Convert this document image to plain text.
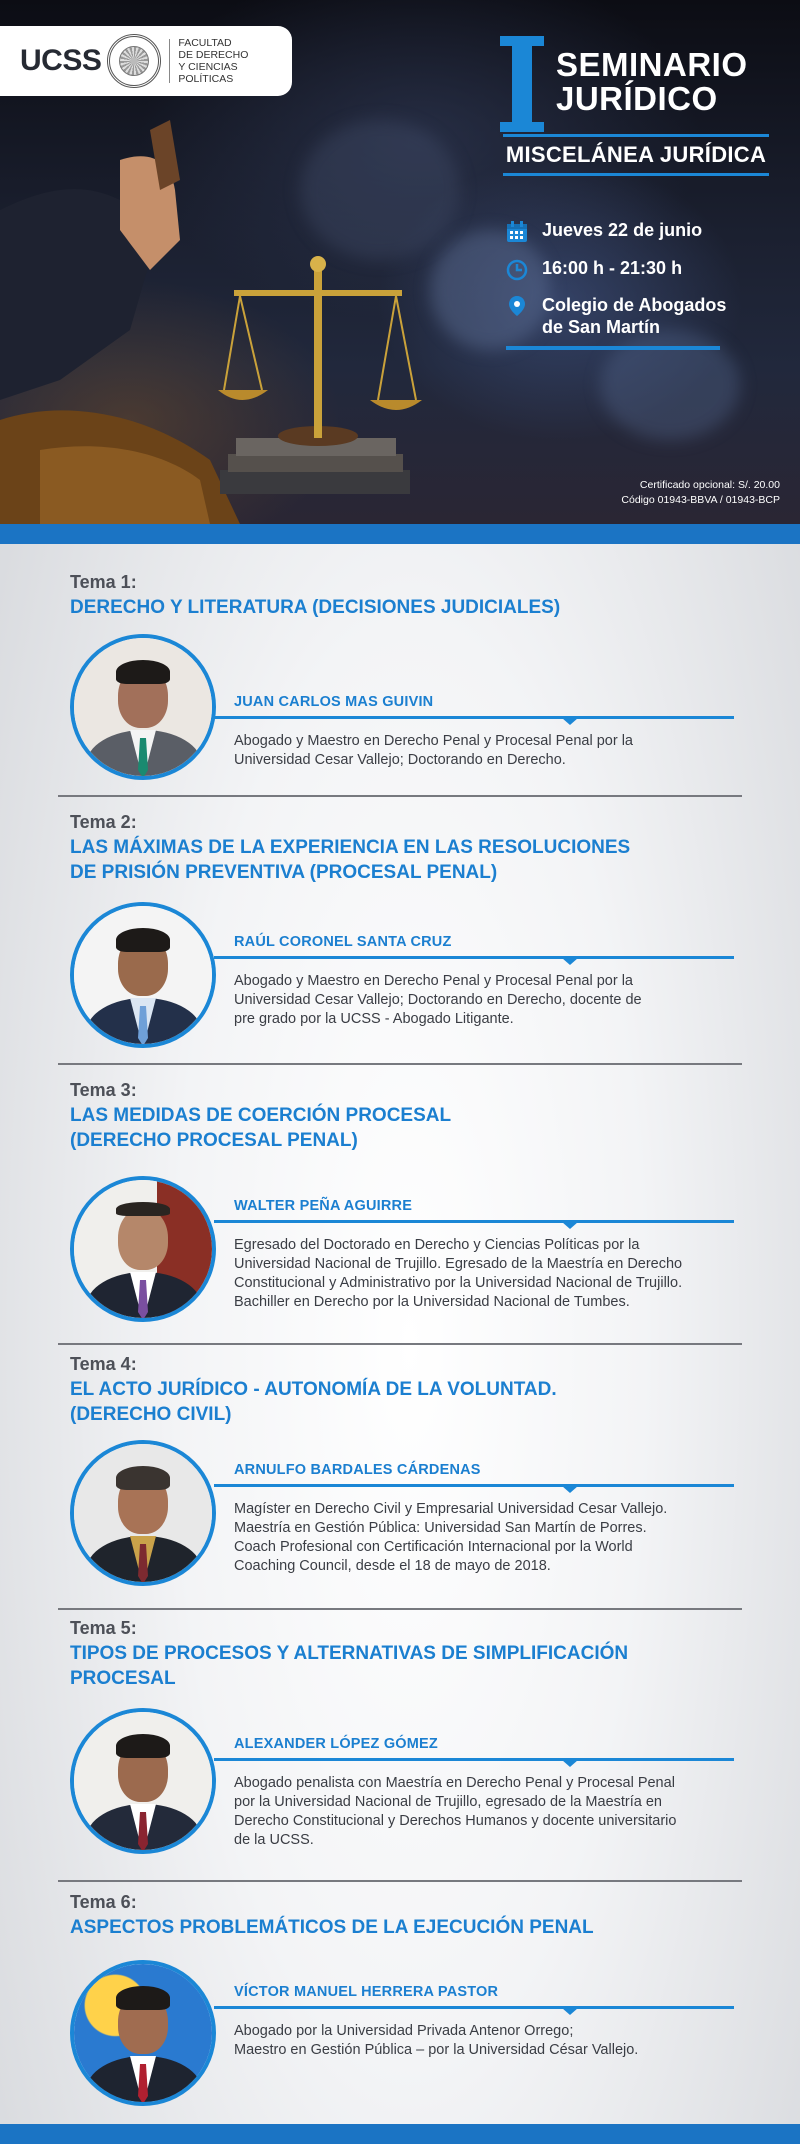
UCSS
FACULTAD
DE DERECHO
Y CIENCIAS POLÍTICAS
I
SEMINARIO
JURÍDICO
MISCELÁNEA JURÍDICA
Jueves 22 de junio
16:00 h - 21:30 h
Colegio de Abogados
de San Martín
Certificado opcional: S/. 20.00
Código 01943-BBVA / 01943-BCP
Tema 1:
DERECHO Y LITERATURA (DECISIONES JUDICIALES)
JUAN CARLOS MAS GUIVIN
Abogado y Maestro en Derecho Penal y Procesal Penal por la
Universidad Cesar Vallejo; Doctorando en Derecho.
Tema 2:
LAS MÁXIMAS DE LA EXPERIENCIA EN LAS RESOLUCIONES
DE PRISIÓN PREVENTIVA (PROCESAL PENAL)
RAÚL CORONEL SANTA CRUZ
Abogado y Maestro en Derecho Penal y Procesal Penal por la
Universidad Cesar Vallejo; Doctorando en Derecho, docente de
pre grado por la UCSS - Abogado Litigante.
Tema 3:
LAS MEDIDAS DE COERCIÓN PROCESAL
(DERECHO PROCESAL PENAL)
WALTER PEÑA AGUIRRE
Egresado del Doctorado en Derecho y Ciencias Políticas por la
Universidad Nacional de Trujillo. Egresado de la Maestría en Derecho
Constitucional y Administrativo por la Universidad Nacional de Trujillo.
Bachiller en Derecho por la Universidad Nacional de Tumbes.
Tema 4:
EL ACTO JURÍDICO - AUTONOMÍA DE LA VOLUNTAD.
(DERECHO CIVIL)
ARNULFO BARDALES CÁRDENAS
Magíster en Derecho Civil y Empresarial Universidad Cesar Vallejo.
Maestría en Gestión Pública: Universidad San Martín de Porres.
Coach Profesional con Certificación Internacional por la World
Coaching Council, desde el 18 de mayo de 2018.
Tema 5:
TIPOS DE PROCESOS Y ALTERNATIVAS DE SIMPLIFICACIÓN
PROCESAL
ALEXANDER LÓPEZ GÓMEZ
Abogado penalista con Maestría en Derecho Penal y Procesal Penal
por la Universidad Nacional de Trujillo, egresado de la Maestría en
Derecho Constitucional y Derechos Humanos y docente universitario
de la UCSS.
Tema 6:
ASPECTOS PROBLEMÁTICOS DE LA EJECUCIÓN PENAL
VÍCTOR MANUEL HERRERA PASTOR
Abogado por la Universidad Privada Antenor Orrego;
Maestro en Gestión Pública – por la Universidad César Vallejo.
